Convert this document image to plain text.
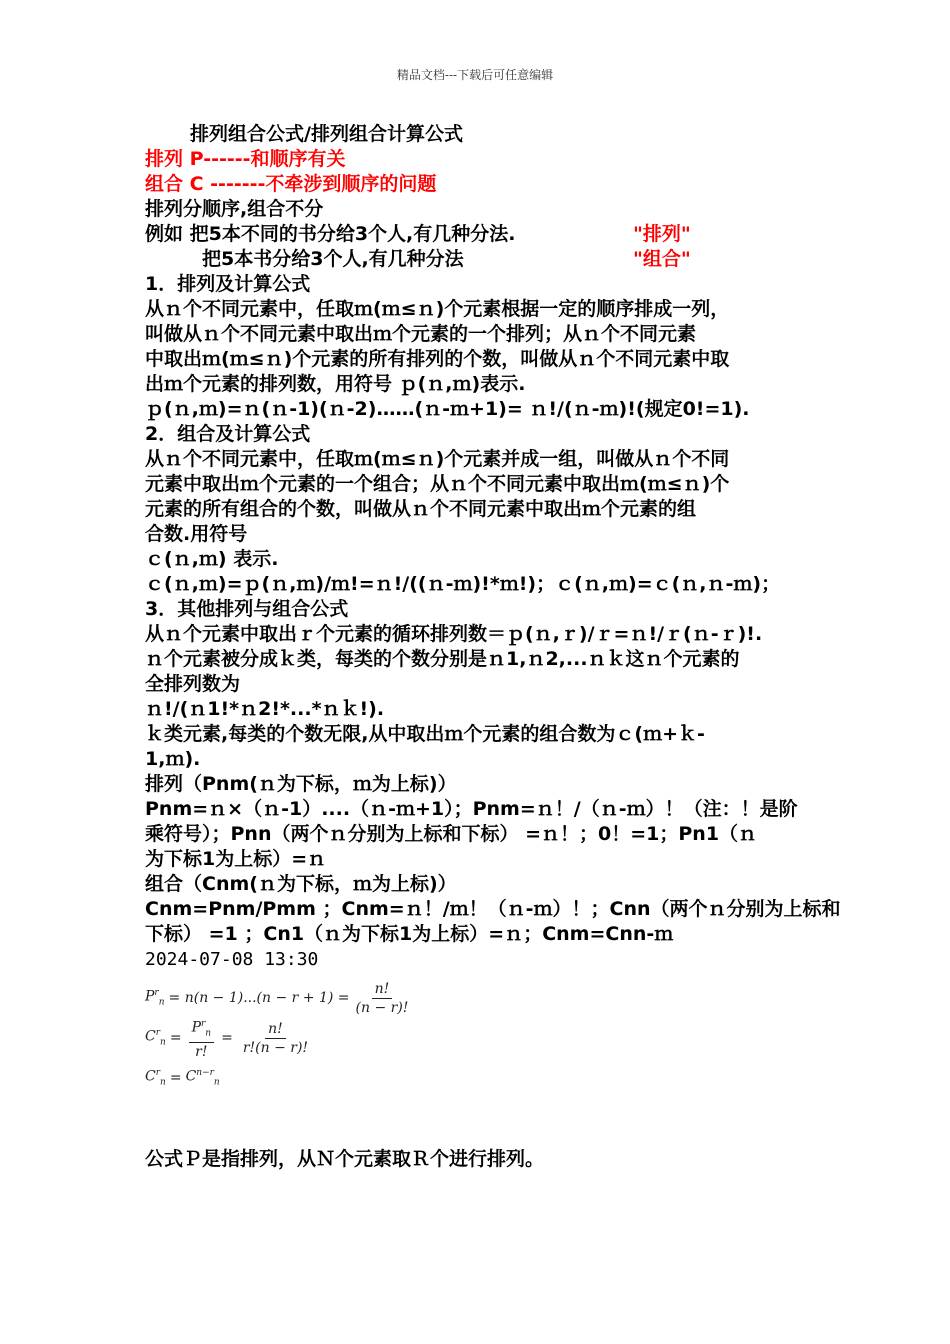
精品文档---下载后可任意编辑
排列组合公式/排列组合计算公式
排列 P------和顺序有关
组合 C -------不牵涉到顺序的问题
排列分顺序,组合不分
例如 把5本不同的书分给3个人,有几种分法.	"排列"
把5本书分给3个人,有几种分法	"组合"
1．排列及计算公式
从ｎ个不同元素中，任取ｍ(ｍ≤ｎ)个元素根据一定的顺序排成一列，
叫做从ｎ个不同元素中取出ｍ个元素的一个排列；从ｎ个不同元素
中取出ｍ(ｍ≤ｎ)个元素的所有排列的个数，叫做从ｎ个不同元素中取
出ｍ个元素的排列数，用符号 ｐ(ｎ,ｍ)表示.
ｐ(ｎ,ｍ)=ｎ(ｎ-1)(ｎ-2)……(ｎ-ｍ+1)= ｎ!/(ｎ-ｍ)!(规定0!=1).
2．组合及计算公式
从ｎ个不同元素中，任取ｍ(ｍ≤ｎ)个元素并成一组，叫做从ｎ个不同
元素中取出ｍ个元素的一个组合；从ｎ个不同元素中取出ｍ(ｍ≤ｎ)个
元素的所有组合的个数，叫做从ｎ个不同元素中取出ｍ个元素的组
合数.用符号
ｃ(ｎ,ｍ) 表示.
ｃ(ｎ,ｍ)=ｐ(ｎ,ｍ)/ｍ!=ｎ!/((ｎ-ｍ)!*ｍ!)；ｃ(ｎ,ｍ)=ｃ(ｎ,ｎ-ｍ)；
3．其他排列与组合公式
从ｎ个元素中取出ｒ个元素的循环排列数＝ｐ(ｎ,ｒ)/ｒ=ｎ!/ｒ(ｎ-ｒ)!.
ｎ个元素被分成ｋ类，每类的个数分别是ｎ1,ｎ2,...ｎｋ这ｎ个元素的
全排列数为
ｎ!/(ｎ1!*ｎ2!*...*ｎｋ!).
ｋ类元素,每类的个数无限,从中取出ｍ个元素的组合数为ｃ(ｍ+ｋ-
1,ｍ).
排列（Pnm(ｎ为下标，ｍ为上标)）
Pnm=ｎ×（ｎ-1）....（ｎ-ｍ+1）；Pnm=ｎ！/（ｎ-ｍ）！（注：！是阶
乘符号）；Pnn（两个ｎ分别为上标和下标） =ｎ！；0！=1；Pn1（ｎ
为下标1为上标）=ｎ
组合（Cnm(ｎ为下标，ｍ为上标)）
Cnm=Pnm/Pmm ；Cnm=ｎ！/ｍ！（ｎ-ｍ）！；Cnn（两个ｎ分别为上标和
下标） =1 ；Cn1（ｎ为下标1为上标）=ｎ；Cnm=Cnn-ｍ
2024-07-08 13:30
$P^r_n = n(n - 1)...(n - r + 1) = \frac{n!}{(n - r)!}$
$C^r_n = \frac{P^r_n}{r!} = \frac{n!}{r!(n - r)!}$
$C^r_n = C^{n-r}_n$
公式Ｐ是指排列，从Ｎ个元素取Ｒ个进行排列。
